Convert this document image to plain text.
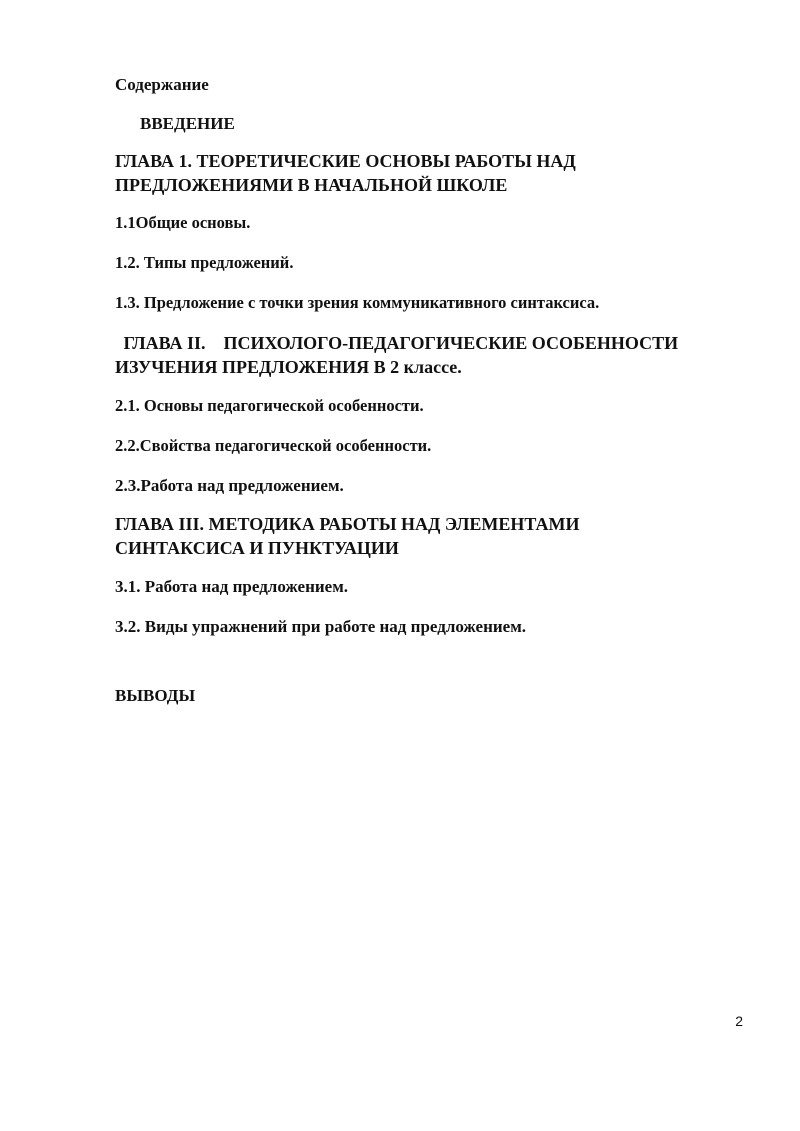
Содержание

ВВЕДЕНИЕ

ГЛАВА 1. ТЕОРЕТИЧЕСКИЕ ОСНОВЫ РАБОТЫ НАД

ПРЕДЛОЖЕНИЯМИ В НАЧАЛЬНОЙ ШКОЛЕ

1.1Общие основы.

1.2. Типы предложений.

1.3. Предложение с точки зрения коммуникативного синтаксиса.

ГЛАВА II.    ПСИХОЛОГО-ПЕДАГОГИЧЕСКИЕ ОСОБЕННОСТИ

ИЗУЧЕНИЯ ПРЕДЛОЖЕНИЯ В 2 классе.

2.1. Основы педагогической особенности.

2.2.Свойства педагогической особенности.

2.3.Работа над предложением.

ГЛАВА III. МЕТОДИКА РАБОТЫ НАД ЭЛЕМЕНТАМИ

СИНТАКСИСА И ПУНКТУАЦИИ

3.1. Работа над предложением.

3.2. Виды упражнений при работе над предложением.

ВЫВОДЫ

2
